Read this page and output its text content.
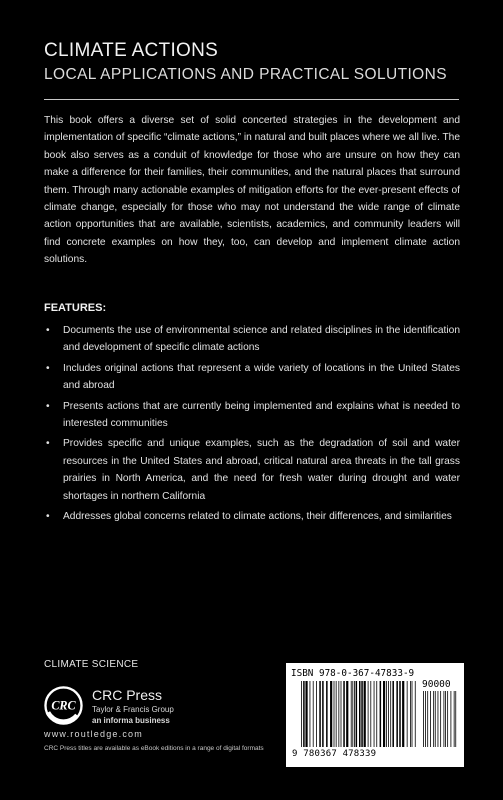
CLIMATE ACTIONS
LOCAL APPLICATIONS AND PRACTICAL SOLUTIONS

This book offers a diverse set of solid concerted strategies in the development and implementation of specific “climate actions,” in natural and built places where we all live. The book also serves as a conduit of knowledge for those who are unsure on how they can make a difference for their families, their communities, and the natural places that surround them. Through many actionable examples of mitigation efforts for the ever-present effects of climate change, especially for those who may not understand the wide range of climate action opportunities that are available, scientists, academics, and community leaders will find concrete examples on how they, too, can develop and implement climate action solutions.

FEATURES:
• Documents the use of environmental science and related disciplines in the identification and development of specific climate actions
• Includes original actions that represent a wide variety of locations in the United States and abroad
• Presents actions that are currently being implemented and explains what is needed to interested communities
• Provides specific and unique examples, such as the degradation of soil and water resources in the United States and abroad, critical natural area threats in the tall grass prairies in North America, and the need for fresh water during drought and water shortages in northern California
• Addresses global concerns related to climate actions, their differences, and similarities
CLIMATE SCIENCE
CRC
CRC Press
Taylor & Francis Group
an informa business
www.routledge.com
CRC Press titles are available as eBook editions in a range of digital formats
ISBN 978-0-367-47833-9
90000
9 780367 478339
